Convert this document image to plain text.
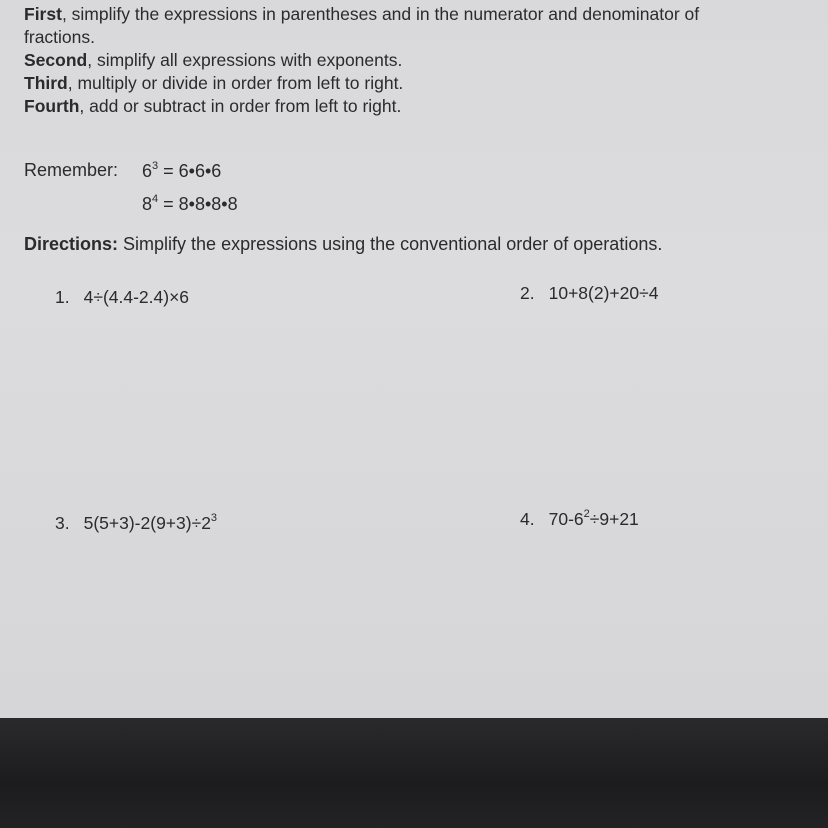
First, simplify the expressions in parentheses and in the numerator and denominator of
fractions.
Second, simplify all expressions with exponents.
Third, multiply or divide in order from left to right.
Fourth, add or subtract in order from left to right.
Remember: $6^3$ = 6•6•6
$8^4$ = 8•8•8•8
Directions: Simplify the expressions using the conventional order of operations.
1. 4÷(4.4-2.4)×6	2. 10+8(2)+20÷4
3. $5(5+3)-2(9+3)\div 2^3$	4. $70-6^2\div 9+21$
